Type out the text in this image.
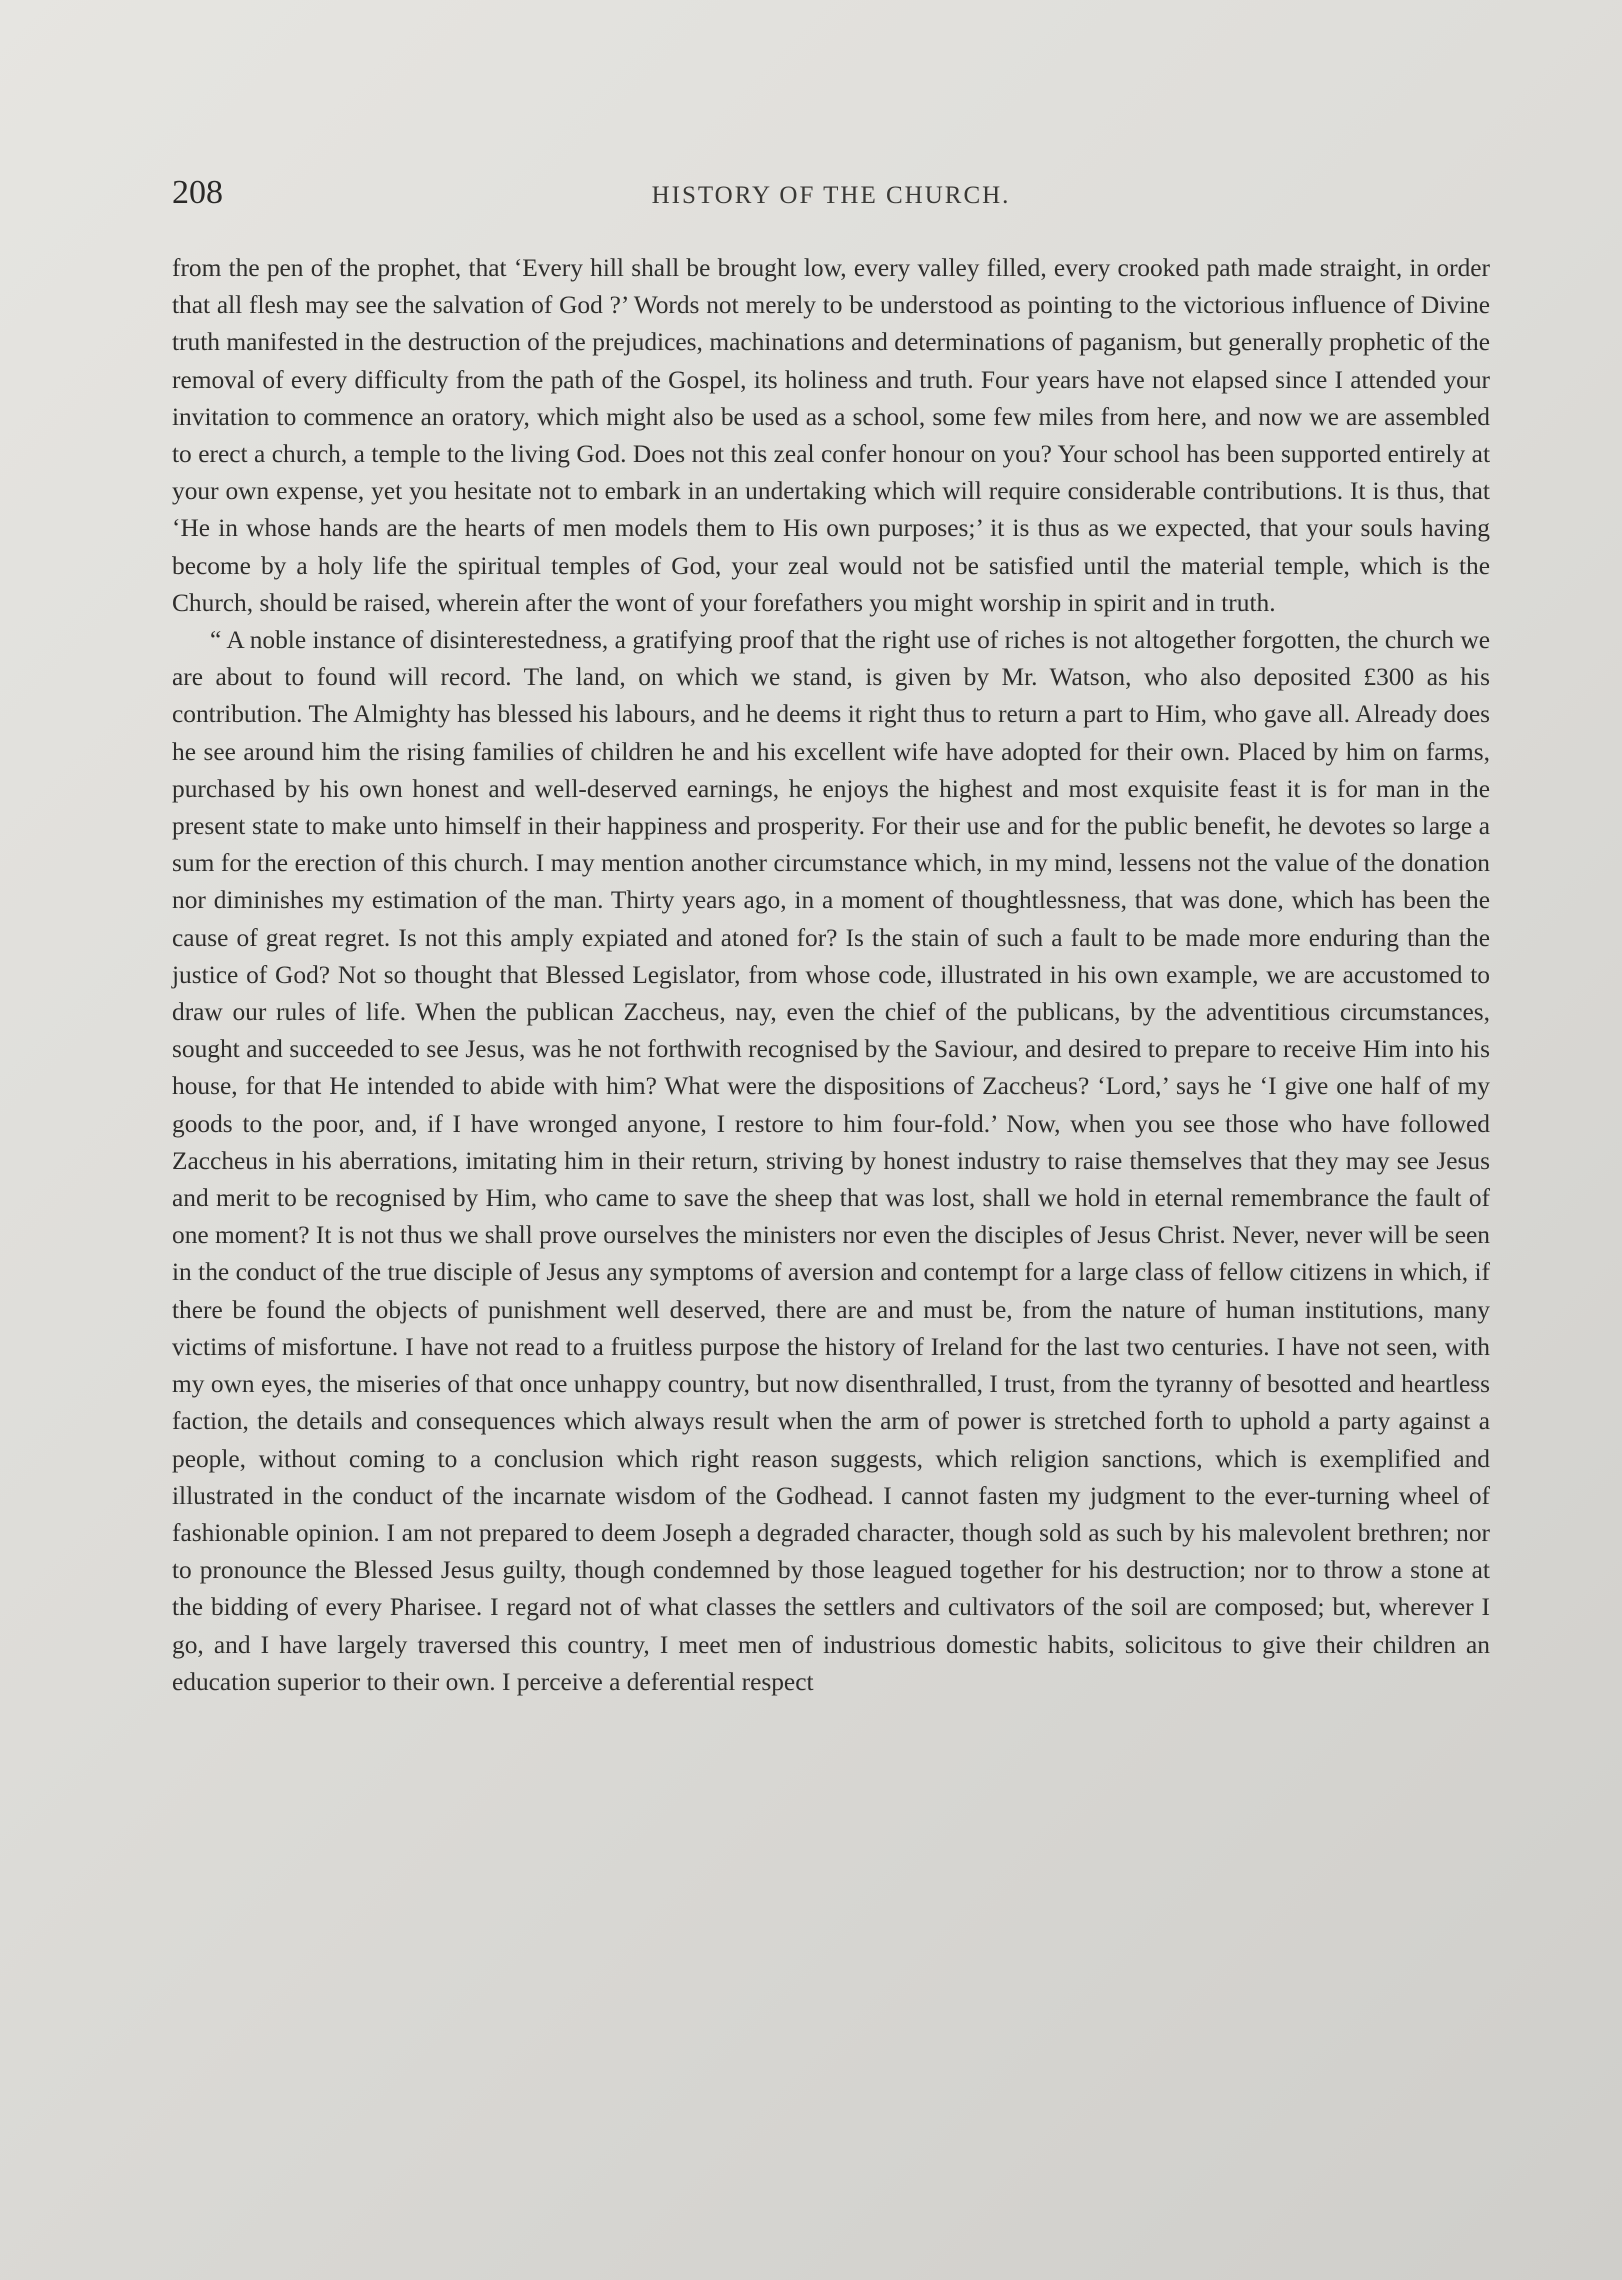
208	HISTORY OF THE CHURCH.

from the pen of the prophet, that ‘Every hill shall be brought low, every valley filled, every crooked path made straight, in order that all flesh may see the salvation of God ?’ Words not merely to be understood as pointing to the victorious influence of Divine truth manifested in the destruction of the prejudices, machinations and determinations of paganism, but generally prophetic of the removal of every difficulty from the path of the Gospel, its holiness and truth. Four years have not elapsed since I attended your invitation to commence an oratory, which might also be used as a school, some few miles from here, and now we are assembled to erect a church, a temple to the living God. Does not this zeal confer honour on you? Your school has been supported entirely at your own expense, yet you hesitate not to embark in an undertaking which will require considerable contributions. It is thus, that ‘He in whose hands are the hearts of men models them to His own purposes;’ it is thus as we expected, that your souls having become by a holy life the spiritual temples of God, your zeal would not be satisfied until the material temple, which is the Church, should be raised, wherein after the wont of your forefathers you might worship in spirit and in truth.

“ A noble instance of disinterestedness, a gratifying proof that the right use of riches is not altogether forgotten, the church we are about to found will record. The land, on which we stand, is given by Mr. Watson, who also deposited £300 as his contribution. The Almighty has blessed his labours, and he deems it right thus to return a part to Him, who gave all. Already does he see around him the rising families of children he and his excellent wife have adopted for their own. Placed by him on farms, purchased by his own honest and well-deserved earnings, he enjoys the highest and most exquisite feast it is for man in the present state to make unto himself in their happiness and prosperity. For their use and for the public benefit, he devotes so large a sum for the erection of this church. I may mention another circumstance which, in my mind, lessens not the value of the donation nor diminishes my estimation of the man. Thirty years ago, in a moment of thoughtlessness, that was done, which has been the cause of great regret. Is not this amply expiated and atoned for? Is the stain of such a fault to be made more enduring than the justice of God? Not so thought that Blessed Legislator, from whose code, illustrated in his own example, we are accustomed to draw our rules of life. When the publican Zaccheus, nay, even the chief of the publicans, by the adventitious circumstances, sought and succeeded to see Jesus, was he not forthwith recognised by the Saviour, and desired to prepare to receive Him into his house, for that He intended to abide with him? What were the dispositions of Zaccheus? ‘Lord,’ says he ‘I give one half of my goods to the poor, and, if I have wronged anyone, I restore to him four-fold.’ Now, when you see those who have followed Zaccheus in his aberrations, imitating him in their return, striving by honest industry to raise themselves that they may see Jesus and merit to be recognised by Him, who came to save the sheep that was lost, shall we hold in eternal remembrance the fault of one moment? It is not thus we shall prove ourselves the ministers nor even the disciples of Jesus Christ. Never, never will be seen in the conduct of the true disciple of Jesus any symptoms of aversion and contempt for a large class of fellow citizens in which, if there be found the objects of punishment well deserved, there are and must be, from the nature of human institutions, many victims of misfortune. I have not read to a fruitless purpose the history of Ireland for the last two centuries. I have not seen, with my own eyes, the miseries of that once unhappy country, but now disenthralled, I trust, from the tyranny of besotted and heartless faction, the details and consequences which always result when the arm of power is stretched forth to uphold a party against a people, without coming to a conclusion which right reason suggests, which religion sanctions, which is exemplified and illustrated in the conduct of the incarnate wisdom of the Godhead. I cannot fasten my judgment to the ever-turning wheel of fashionable opinion. I am not prepared to deem Joseph a degraded character, though sold as such by his malevolent brethren; nor to pronounce the Blessed Jesus guilty, though condemned by those leagued together for his destruction; nor to throw a stone at the bidding of every Pharisee. I regard not of what classes the settlers and cultivators of the soil are composed; but, wherever I go, and I have largely traversed this country, I meet men of industrious domestic habits, solicitous to give their children an education superior to their own. I perceive a deferential respect
